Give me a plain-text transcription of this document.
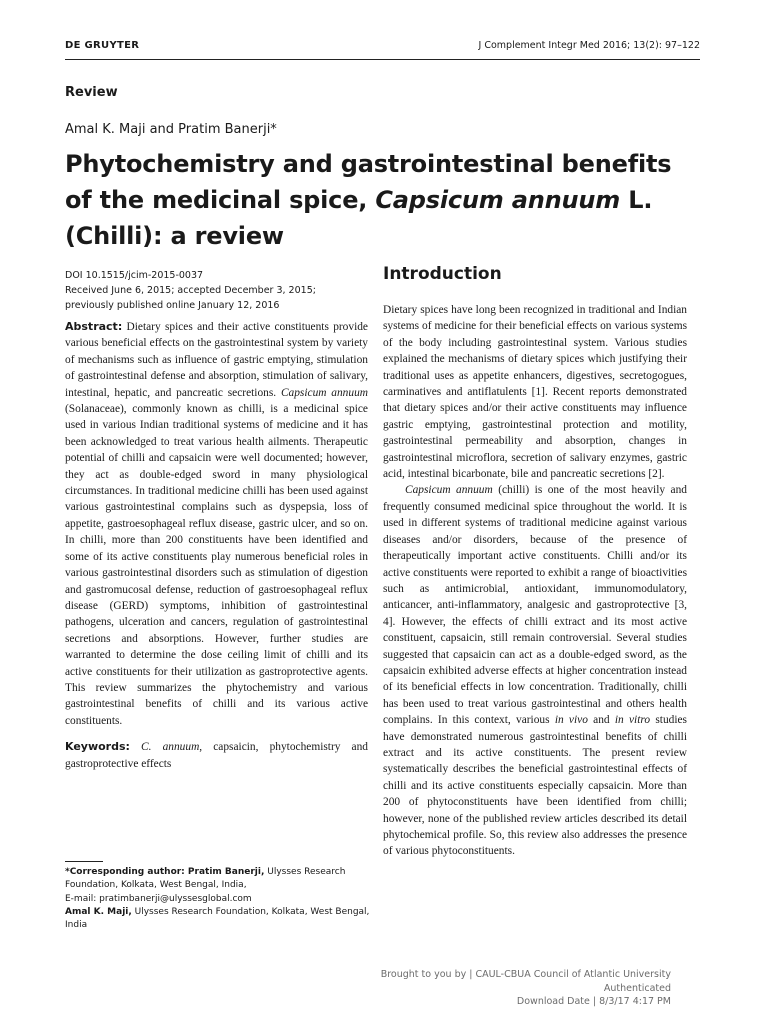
DE GRUYTER	J Complement Integr Med 2016; 13(2): 97–122
Review
Amal K. Maji and Pratim Banerji*
Phytochemistry and gastrointestinal benefits of the medicinal spice, Capsicum annuum L. (Chilli): a review
DOI 10.1515/jcim-2015-0037
Received June 6, 2015; accepted December 3, 2015;
previously published online January 12, 2016

Abstract: Dietary spices and their active constituents provide various beneficial effects on the gastrointestinal system by variety of mechanisms such as influence of gastric emptying, stimulation of gastrointestinal defense and absorption, stimulation of salivary, intestinal, hepatic, and pancreatic secretions. Capsicum annuum (Solanaceae), commonly known as chilli, is a medicinal spice used in various Indian traditional systems of medicine and it has been acknowledged to treat various health ailments. Therapeutic potential of chilli and capsaicin were well documented; however, they act as double-edged sword in many physiological circumstances. In traditional medicine chilli has been used against various gastrointestinal complains such as dyspepsia, loss of appetite, gastroesophageal reflux disease, gastric ulcer, and so on. In chilli, more than 200 constituents have been identified and some of its active constituents play numerous beneficial roles in various gastrointestinal disorders such as stimulation of digestion and gastromucosal defense, reduction of gastroesophageal reflux disease (GERD) symptoms, inhibition of gastrointestinal pathogens, ulceration and cancers, regulation of gastrointestinal secretions and absorptions. However, further studies are warranted to determine the dose ceiling limit of chilli and its active constituents for their utilization as gastroprotective agents. This review summarizes the phytochemistry and various gastrointestinal benefits of chilli and its various active constituents.

Keywords: C. annuum, capsaicin, phytochemistry and gastroprotective effects

*Corresponding author: Pratim Banerji, Ulysses Research Foundation, Kolkata, West Bengal, India,

E-mail: pratimbanerji@ulyssesglobal.com

Amal K. Maji, Ulysses Research Foundation, Kolkata, West Bengal, India

Introduction

Dietary spices have long been recognized in traditional and Indian systems of medicine for their beneficial effects on various systems of the body including gastrointestinal system. Various studies explained the mechanisms of dietary spices which justifying their traditional uses as appetite enhancers, digestives, secretogogues, carminatives and antiflatulents [1]. Recent reports demonstrated that dietary spices and/or their active constituents may influence gastric emptying, gastrointestinal protection and motility, gastrointestinal permeability and absorption, changes in gastrointestinal microflora, secretion of salivary enzymes, gastric acid, intestinal bicarbonate, bile and pancreatic secretions [2].

Capsicum annuum (chilli) is one of the most heavily and frequently consumed medicinal spice throughout the world. It is used in different systems of traditional medicine against various diseases and/or disorders, because of the presence of therapeutically important active constituents. Chilli and/or its active constituents were reported to exhibit a range of bioactivities such as antimicrobial, antioxidant, immunomodulatory, anticancer, anti-inflammatory, analgesic and gastroprotective [3, 4]. However, the effects of chilli extract and its most active constituent, capsaicin, still remain controversial. Several studies suggested that capsaicin can act as a double-edged sword, as the capsaicin exhibited adverse effects at higher concentration instead of its beneficial effects in low concentration. Traditionally, chilli has been used to treat various gastrointestinal and others health complains. In this context, various in vivo and in vitro studies have demonstrated numerous gastrointestinal benefits of chilli extract and its active constituents. The present review systematically describes the beneficial gastrointestinal effects of chilli and its active constituents especially capsaicin. More than 200 of phytoconstituents have been identified from chilli; however, none of the published review articles described its detail phytochemical profile. So, this review also addresses the presence of various phytoconstituents.

Brought to you by | CAUL-CBUA Council of Atlantic University
Authenticated
Download Date | 8/3/17 4:17 PM
